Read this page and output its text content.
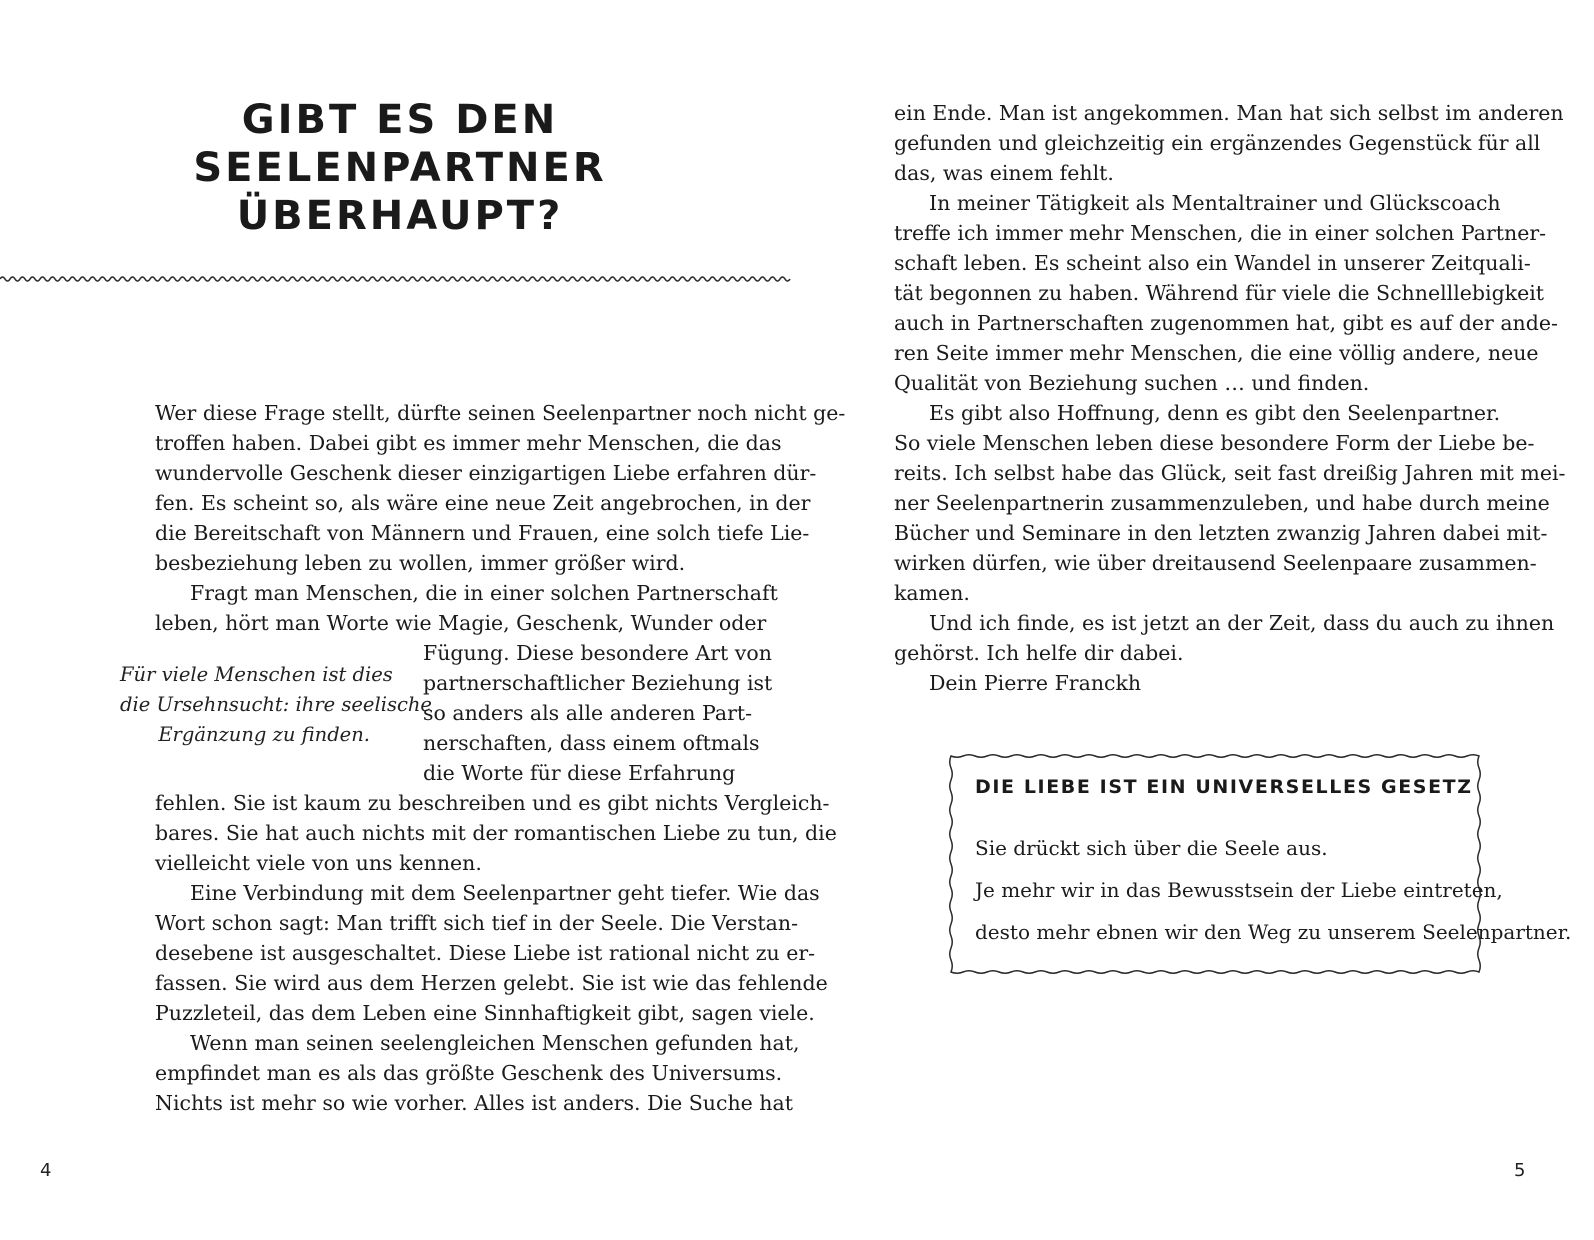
GIBT ES DEN
SEELENPARTNER
ÜBERHAUPT?
Wer diese Frage stellt, dürfte seinen Seelenpartner noch nicht ge-
troffen haben. Dabei gibt es immer mehr Menschen, die das
wundervolle Geschenk dieser einzigartigen Liebe erfahren dür-
fen. Es scheint so, als wäre eine neue Zeit angebrochen, in der
die Bereitschaft von Männern und Frauen, eine solch tiefe Lie-
besbeziehung leben zu wollen, immer größer wird.
Fragt man Menschen, die in einer solchen Partnerschaft
leben, hört man Worte wie Magie, Geschenk, Wunder oder
Fügung. Diese besondere Art von
partnerschaftlicher Beziehung ist
so anders als alle anderen Part-
nerschaften, dass einem oftmals
die Worte für diese Erfahrung
fehlen. Sie ist kaum zu beschreiben und es gibt nichts Vergleich-
bares. Sie hat auch nichts mit der romantischen Liebe zu tun, die
vielleicht viele von uns kennen.
Eine Verbindung mit dem Seelenpartner geht tiefer. Wie das
Wort schon sagt: Man trifft sich tief in der Seele. Die Verstan-
desebene ist ausgeschaltet. Diese Liebe ist rational nicht zu er-
fassen. Sie wird aus dem Herzen gelebt. Sie ist wie das fehlende
Puzzleteil, das dem Leben eine Sinnhaftigkeit gibt, sagen viele.
Wenn man seinen seelengleichen Menschen gefunden hat,
empfindet man es als das größte Geschenk des Universums.
Nichts ist mehr so wie vorher. Alles ist anders. Die Suche hat
Für viele Menschen ist dies
die Ursehnsucht: ihre seelische
Ergänzung zu finden.
4
ein Ende. Man ist angekommen. Man hat sich selbst im anderen
gefunden und gleichzeitig ein ergänzendes Gegenstück für all
das, was einem fehlt.
In meiner Tätigkeit als Mentaltrainer und Glückscoach
treffe ich immer mehr Menschen, die in einer solchen Partner-
schaft leben. Es scheint also ein Wandel in unserer Zeitquali-
tät begonnen zu haben. Während für viele die Schnelllebigkeit
auch in Partnerschaften zugenommen hat, gibt es auf der ande-
ren Seite immer mehr Menschen, die eine völlig andere, neue
Qualität von Beziehung suchen … und finden.
Es gibt also Hoffnung, denn es gibt den Seelenpartner.
So viele Menschen leben diese besondere Form der Liebe be-
reits. Ich selbst habe das Glück, seit fast dreißig Jahren mit mei-
ner Seelenpartnerin zusammenzuleben, und habe durch meine
Bücher und Seminare in den letzten zwanzig Jahren dabei mit-
wirken dürfen, wie über dreitausend Seelenpaare zusammen-
kamen.
Und ich finde, es ist jetzt an der Zeit, dass du auch zu ihnen
gehörst. Ich helfe dir dabei.
Dein Pierre Franckh
DIE LIEBE IST EIN UNIVERSELLES GESETZ
Sie drückt sich über die Seele aus.
Je mehr wir in das Bewusstsein der Liebe eintreten,
desto mehr ebnen wir den Weg zu unserem Seelenpartner.
5
